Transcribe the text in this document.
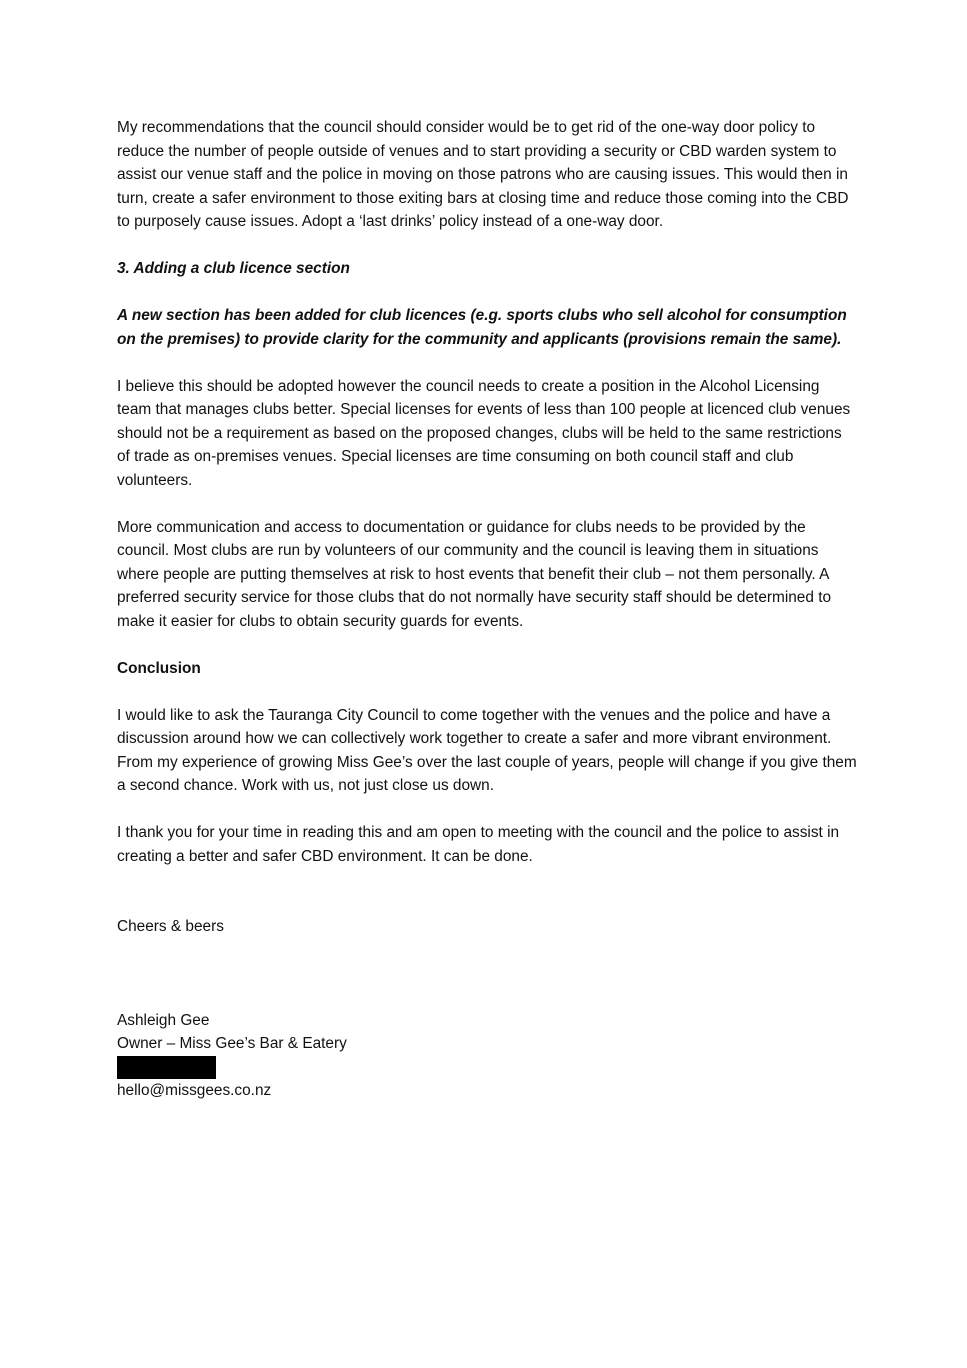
My recommendations that the council should consider would be to get rid of the one-way door policy to reduce the number of people outside of venues and to start providing a security or CBD warden system to assist our venue staff and the police in moving on those patrons who are causing issues. This would then in turn, create a safer environment to those exiting bars at closing time and reduce those coming into the CBD to purposely cause issues. Adopt a ‘last drinks’ policy instead of a one-way door.

3. Adding a club licence section

A new section has been added for club licences (e.g. sports clubs who sell alcohol for consumption on the premises) to provide clarity for the community and applicants (provisions remain the same).

I believe this should be adopted however the council needs to create a position in the Alcohol Licensing team that manages clubs better. Special licenses for events of less than 100 people at licenced club venues should not be a requirement as based on the proposed changes, clubs will be held to the same restrictions of trade as on-premises venues. Special licenses are time consuming on both council staff and club volunteers.

More communication and access to documentation or guidance for clubs needs to be provided by the council. Most clubs are run by volunteers of our community and the council is leaving them in situations where people are putting themselves at risk to host events that benefit their club – not them personally. A preferred security service for those clubs that do not normally have security staff should be determined to make it easier for clubs to obtain security guards for events.

Conclusion

I would like to ask the Tauranga City Council to come together with the venues and the police and have a discussion around how we can collectively work together to create a safer and more vibrant environment. From my experience of growing Miss Gee’s over the last couple of years, people will change if you give them a second chance. Work with us, not just close us down.

I thank you for your time in reading this and am open to meeting with the council and the police to assist in creating a better and safer CBD environment. It can be done.

Cheers & beers

Ashleigh Gee
Owner – Miss Gee’s Bar & Eatery
hello@missgees.co.nz
